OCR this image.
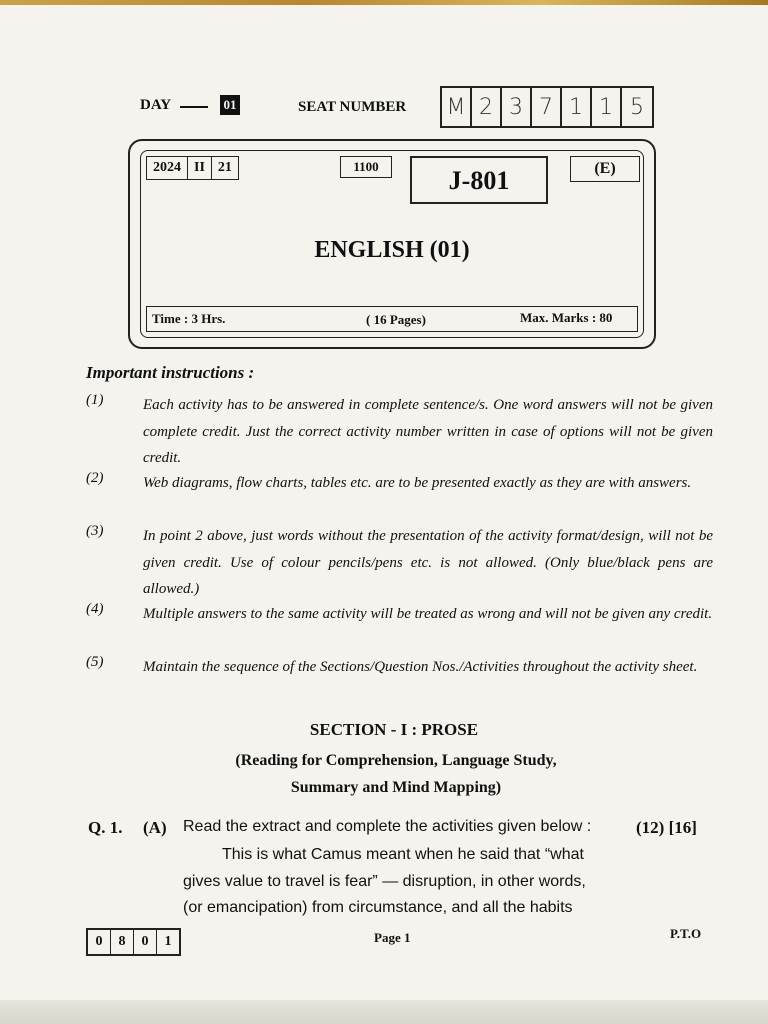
DAY	01	SEAT NUMBER M 2 3 7 1 1 5
2024 II 21	1100	J-801	(E)
ENGLISH (01)
Time : 3 Hrs.	( 16 Pages)	Max. Marks : 80
Important instructions :
(1)	Each activity has to be answered in complete sentence/s. One word answers will not be given complete credit. Just the correct activity number written in case of options will not be given credit.
(2)	Web diagrams, flow charts, tables etc. are to be presented exactly as they are with answers.
(3)	In point 2 above, just words without the presentation of the activity format/design, will not be given credit. Use of colour pencils/pens etc. is not allowed. (Only blue/black pens are allowed.)
(4)	Multiple answers to the same activity will be treated as wrong and will not be given any credit.
(5)	Maintain the sequence of the Sections/Question Nos./Activities throughout the activity sheet.
SECTION - I : PROSE
(Reading for Comprehension, Language Study,
Summary and Mind Mapping)
Q. 1. (A) Read the extract and complete the activities given below :	(12) [16]
This is what Camus meant when he said that “what
gives value to travel is fear” — disruption, in other words,
(or emancipation) from circumstance, and all the habits
0	8	0	1	Page 1	P.T.O
